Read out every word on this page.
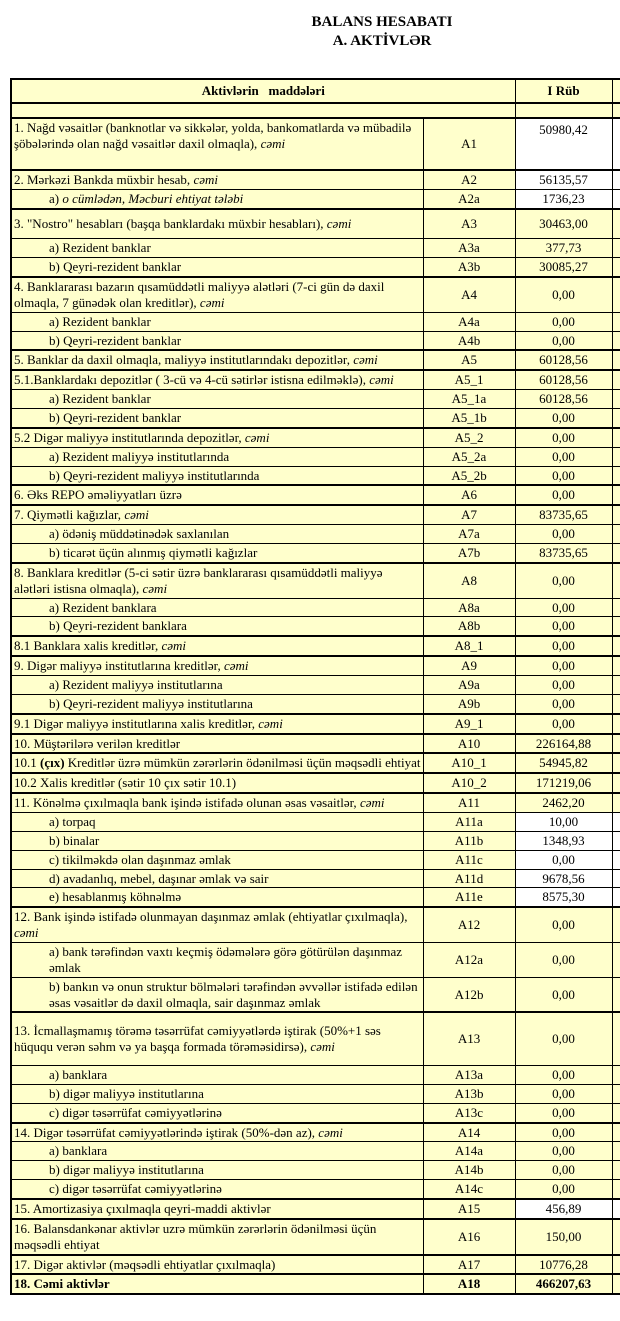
BALANS HESABATI
A. AKTİVLƏR
Aktivlərin   maddələri		I Rüb	

1. Nağd vəsaitlər (banknotlar və sikkələr, yolda, bankomatlarda və mübadilə şöbələrində olan nağd vəsaitlər daxil olmaqla), cəmi	A1	50980,42	
2. Mərkəzi Bankda müxbir hesab, cəmi	A2	56135,57	
a) o cümlədən, Məcburi ehtiyat tələbi	A2a	1736,23	
3. "Nostro" hesabları (başqa banklardakı müxbir hesabları), cəmi	A3	30463,00	
a) Rezident banklar	A3a	377,73	
b) Qeyri-rezident banklar	A3b	30085,27	
4. Banklararası bazarın qısamüddətli maliyyə alətləri (7-ci gün də daxil olmaqla, 7 günədək olan kreditlər), cəmi	A4	0,00	
a) Rezident banklar	A4a	0,00	
b) Qeyri-rezident banklar	A4b	0,00	
5. Banklar da daxil olmaqla, maliyyə institutlarındakı depozitlər, cəmi	A5	60128,56	
5.1.Banklardakı depozitlər ( 3-cü və 4-cü sətirlər istisna edilməklə), cəmi	A5_1	60128,56	
a) Rezident banklar	A5_1a	60128,56	
b) Qeyri-rezident banklar	A5_1b	0,00	
5.2 Digər maliyyə institutlarında depozitlər, cəmi	A5_2	0,00	
a) Rezident maliyyə institutlarında	A5_2a	0,00	
b) Qeyri-rezident maliyyə institutlarında	A5_2b	0,00	
6. Əks REPO əməliyyatları üzrə	A6	0,00	
7. Qiymətli kağızlar, cəmi	A7	83735,65	
a) ödəniş müddətinədək saxlanılan	A7a	0,00	
b) ticarət üçün alınmış qiymətli kağızlar	A7b	83735,65	
8. Banklara kreditlər (5-ci sətir üzrə banklararası qısamüddətli maliyyə alətləri istisna olmaqla), cəmi	A8	0,00	
a) Rezident banklara	A8a	0,00	
b) Qeyri-rezident banklara	A8b	0,00	
8.1 Banklara xalis kreditlər, cəmi	A8_1	0,00	
9. Digər maliyyə institutlarına kreditlər, cəmi	A9	0,00	
a) Rezident maliyyə institutlarına	A9a	0,00	
b) Qeyri-rezident maliyyə institutlarına	A9b	0,00	
9.1 Digər maliyyə institutlarına xalis kreditlər, cəmi	A9_1	0,00	
10. Müştərilərə verilən kreditlər	A10	226164,88	
10.1 (çıx) Kreditlər üzrə mümkün zərərlərin ödənilməsi üçün məqsədli ehtiyat	A10_1	54945,82	
10.2 Xalis kreditlər (sətir 10 çıx sətir 10.1)	A10_2	171219,06	
11. Könəlmə çıxılmaqla bank işində istifadə olunan əsas vəsaitlər, cəmi	A11	2462,20	
a) torpaq	A11a	10,00	
b) binalar	A11b	1348,93	
c) tikilməkdə olan daşınmaz əmlak	A11c	0,00	
d) avadanlıq, mebel, daşınar əmlak və sair	A11d	9678,56	
e) hesablanmış köhnəlmə	A11e	8575,30	
12. Bank işində istifadə olunmayan daşınmaz əmlak (ehtiyatlar çıxılmaqla), cəmi	A12	0,00	
a) bank tərəfindən vaxtı keçmiş ödəmələrə görə götürülən daşınmaz əmlak	A12a	0,00	
b) bankın və onun struktur bölmələri tərəfindən əvvəllər istifadə edilən əsas vəsaitlər də daxil olmaqla, sair daşınmaz əmlak	A12b	0,00	
13. İcmallaşmamış törəmə təsərrüfat cəmiyyətlərdə iştirak (50%+1 səs hüququ verən səhm və ya başqa formada törəməsidirsə), cəmi	A13	0,00	
a) banklara	A13a	0,00	
b) digər maliyyə institutlarına	A13b	0,00	
c) digər təsərrüfat cəmiyyətlərinə	A13c	0,00	
14. Digər təsərrüfat cəmiyyətlərində iştirak (50%-dən az), cəmi	A14	0,00	
a) banklara	A14a	0,00	
b) digər maliyyə institutlarına	A14b	0,00	
c) digər təsərrüfat cəmiyyətlərinə	A14c	0,00	
15. Amortizasiya çıxılmaqla qeyri-maddi aktivlər	A15	456,89	
16. Balansdankənar aktivlər uzrə mümkün zərərlərin ödənilməsi üçün məqsədli ehtiyat	A16	150,00	
17. Digər aktivlər (məqsədli ehtiyatlar çıxılmaqla)	A17	10776,28	
18. Cəmi aktivlər	A18	466207,63	
